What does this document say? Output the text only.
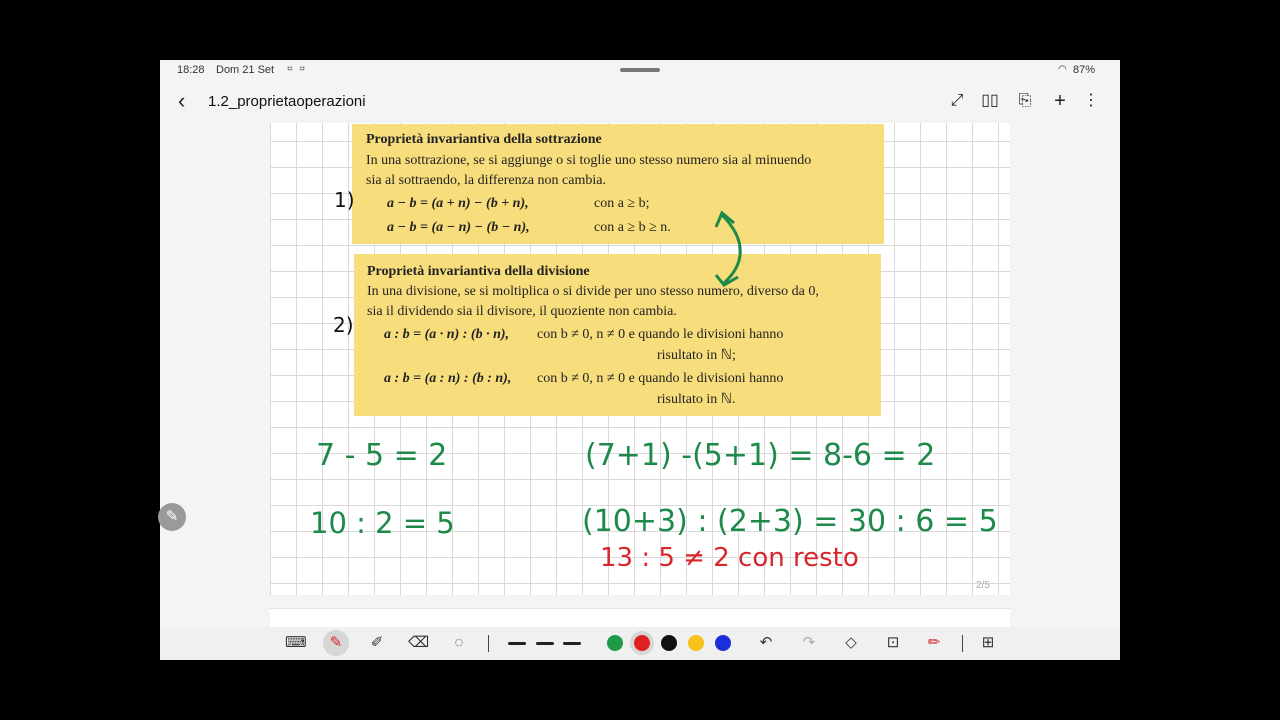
18:28 Dom 21 Set ⌗ ⌗	◠ 87%
‹ 1.2_proprietaoperazioni	⤢ ▯▯ ⎘ +	⋮
Proprietà invariantiva della sottrazione
In una sottrazione, se si aggiunge o si toglie uno stesso numero sia al minuendo
sia al sottraendo, la differenza non cambia.
a − b = (a + n) − (b + n),	con a ≥ b;
a − b = (a − n) − (b − n),	con a ≥ b ≥ n.
Proprietà invariantiva della divisione
In una divisione, se si moltiplica o si divide per uno stesso numero, diverso da 0,
sia il dividendo sia il divisore, il quoziente non cambia.
a : b = (a · n) : (b · n), con b ≠ 0, n ≠ 0 e quando le divisioni hanno
risultato in ℕ;
a : b = (a : n) : (b : n), con b ≠ 0, n ≠ 0 e quando le divisioni hanno
risultato in ℕ.
1)
2)
7 - 5 = 2	(7+1) -(5+1) = 8-6 = 2
10 : 2 = 5	(10+3) : (2+3) = 30 : 6 = 5
13 : 5 ≠ 2 con resto
2/5
✎
⌨	✎	✐ ⌫	◌	↶ ↷ ◇ ⊡ ✏	⊞
